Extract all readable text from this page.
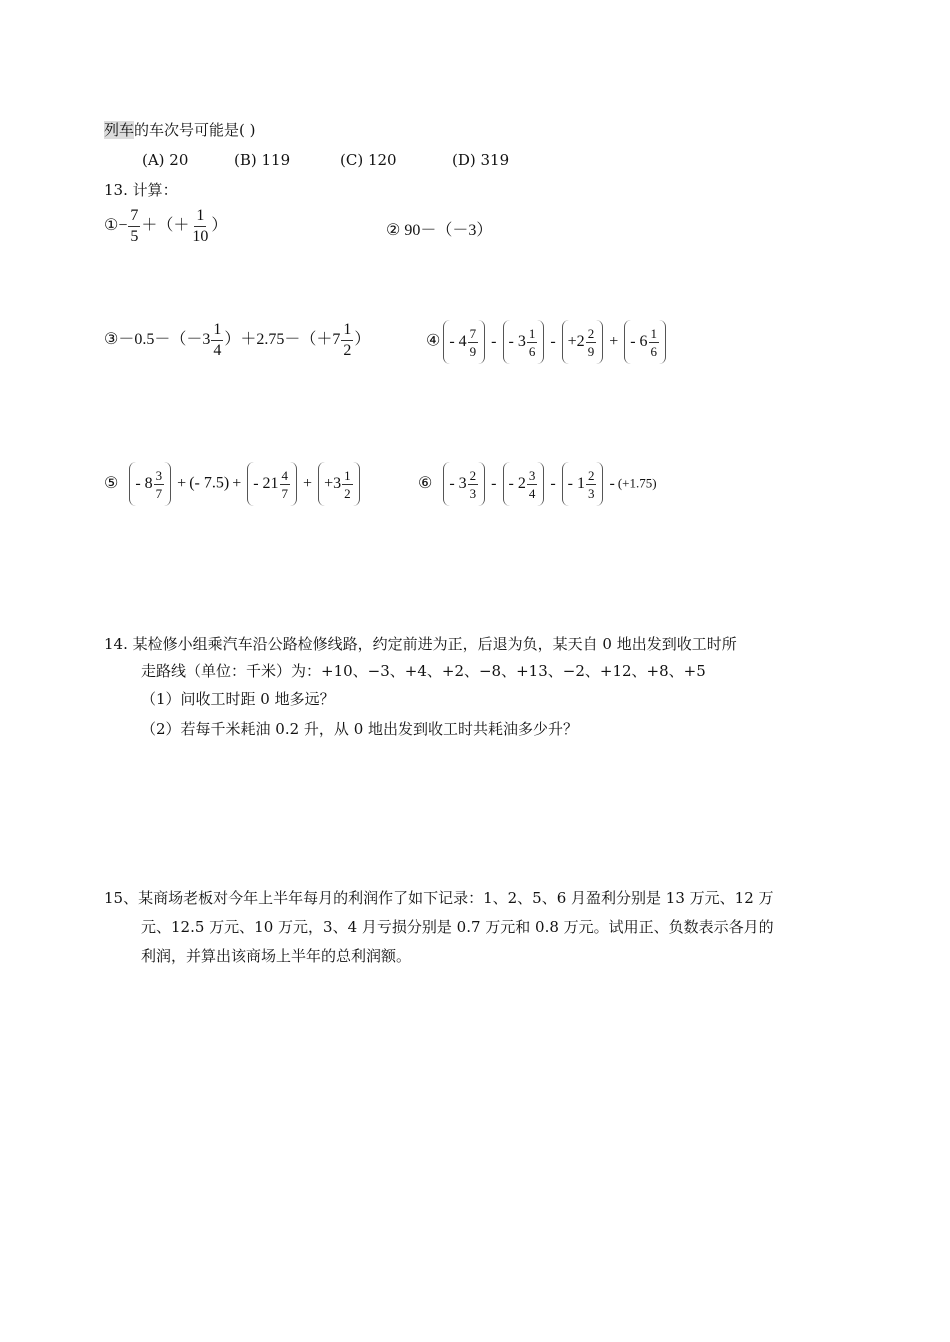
列车的车次号可能是( )
(A) 20	(B) 119	(C) 120	(D) 319
13. 计算：
①− $\frac{7}{5}$ ＋（＋ $\frac{1}{10}$ ）	② 90－（－3）
③－0.5－（－3 $\frac{1}{4} )+2.75-(+7 \frac{1}{2}$ ）	④ - $4 \frac{7}{9}$ - - $3 \frac{1}{6} - +2 \frac{2}{9}$ + - $6 \frac{1}{6}$
⑤ - $8 \frac{3}{7}$ + (- 7.5) + - $21 \frac{4}{7} + +3 \frac{1}{2}$	⑥ - $3 \frac{2}{3}$ - - $2 \frac{3}{4}$ - - $1 \frac{2}{3} - (+1.75)$
14. 某检修小组乘汽车沿公路检修线路，约定前进为正，后退为负，某天自 0 地出发到收工时所
走路线（单位：千米）为：+10、−3、+4、+2、−8、+13、−2、+12、+8、+5
（1）问收工时距 0 地多远？
（2）若每千米耗油 0.2 升，从 0 地出发到收工时共耗油多少升？
15、某商场老板对今年上半年每月的利润作了如下记录：1、2、5、6 月盈利分别是 13 万元、12 万
元、12.5 万元、10 万元，3、4 月亏损分别是 0.7 万元和 0.8 万元。试用正、负数表示各月的
利润，并算出该商场上半年的总利润额。
